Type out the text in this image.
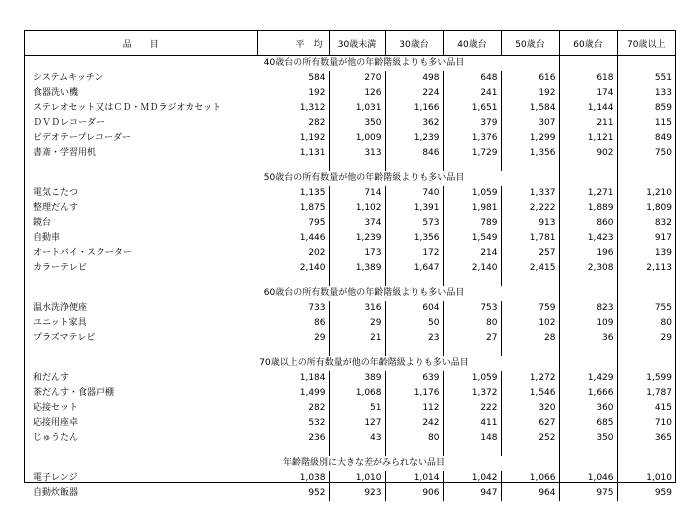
品　　目	平　均	30歳未満	30歳台	40歳台	50歳台	60歳台	70歳以上

		40歳台の所有数量が他の年齢階級よりも多い品目					

システムキッチン	584	270	498	648	616	618	551
食器洗い機	192	126	224	241	192	174	133
ステレオセット又はＣＤ・ＭＤラジオカセット	1,312	1,031	1,166	1,651	1,584	1,144	859
ＤＶＤレコーダー	282	350	362	379	307	211	115
ビデオテープレコーダー	1,192	1,009	1,239	1,376	1,299	1,121	849
書斎・学習用机	1,131	313	846	1,729	1,356	902	750

		50歳台の所有数量が他の年齢階級よりも多い品目					

電気こたつ	1,135	714	740	1,059	1,337	1,271	1,210
整理だんす	1,875	1,102	1,391	1,981	2,222	1,889	1,809
鏡台	795	374	573	789	913	860	832
自動車	1,446	1,239	1,356	1,549	1,781	1,423	917
オートバイ・スクーター	202	173	172	214	257	196	139
カラーテレビ	2,140	1,389	1,647	2,140	2,415	2,308	2,113

		60歳台の所有数量が他の年齢階級よりも多い品目					

温水洗浄便座	733	316	604	753	759	823	755
ユニット家具	86	29	50	80	102	109	80
プラズマテレビ	29	21	23	27	28	36	29

		70歳以上の所有数量が他の年齢階級よりも多い品目					

和だんす	1,184	389	639	1,059	1,272	1,429	1,599
茶だんす・食器戸棚	1,499	1,068	1,176	1,372	1,546	1,666	1,787
応接セット	282	51	112	222	320	360	415
応接用座卓	532	127	242	411	627	685	710
じゅうたん	236	43	80	148	252	350	365

		年齢階級別に大きな差がみられない品目					

電子レンジ	1,038	1,010	1,014	1,042	1,066	1,046	1,010
自動炊飯器	952	923	906	947	964	975	959
